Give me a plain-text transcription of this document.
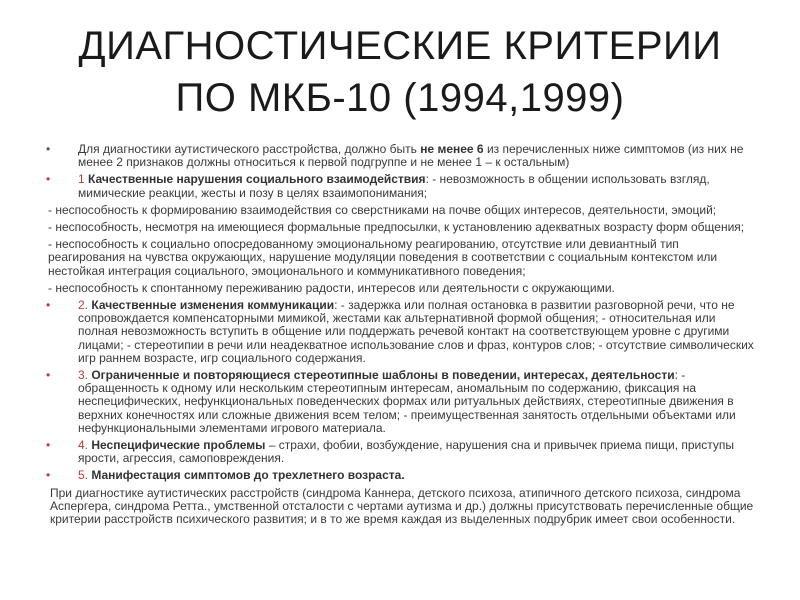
ДИАГНОСТИЧЕСКИЕ КРИТЕРИИ
ПО МКБ-10 (1994,1999)

• Для диагностики аутистического расстройства, должно быть не менее 6 из перечисленных ниже симптомов (из них не менее 2 признаков должны относиться к первой подгруппе и не менее 1 – к остальным)

• 1 Качественные нарушения социального взаимодействия: - невозможность в общении использовать взгляд, мимические реакции, жесты и позу в целях взаимопонимания;

- неспособность к формированию взаимодействия со сверстниками на почве общих интересов, деятельности, эмоций;

- неспособность, несмотря на имеющиеся формальные предпосылки, к установлению адекватных возрасту форм общения;

- неспособность к социально опосредованному эмоциональному реагированию, отсутствие или девиантный тип реагирования на чувства окружающих, нарушение модуляции поведения в соответствии с социальным контекстом или нестойкая интеграция социального, эмоционального и коммуникативного поведения;

- неспособность к спонтанному переживанию радости, интересов или деятельности с окружающими.

• 2. Качественные изменения коммуникации: - задержка или полная остановка в развитии разговорной речи, что не сопровождается компенсаторными мимикой, жестами как альтернативной формой общения; - относительная или полная невозможность вступить в общение или поддержать речевой контакт на соответствующем уровне с другими лицами; - стереотипии в речи или неадекватное использование слов и фраз, контуров слов; - отсутствие символических игр раннем возрасте, игр социального содержания.

• 3. Ограниченные и повторяющиеся стереотипные шаблоны в поведении, интересах, деятельности: - обращенность к одному или нескольким стереотипным интересам, аномальным по содержанию, фиксация на неспецифических, нефункциональных поведенческих формах или ритуальных действиях, стереотипные движения в верхних конечностях или сложные движения всем телом; - преимущественная занятость отдельными объектами или нефункциональными элементами игрового материала.

• 4. Неспецифические проблемы – страхи, фобии, возбуждение, нарушения сна и привычек приема пищи, приступы ярости, агрессия, самоповреждения.

• 5. Манифестация симптомов до трехлетнего возраста.

При диагностике аутистических расстройств (синдрома Каннера, детского психоза, атипичного детского психоза, синдрома Аспергера, синдрома Ретта., умственной отсталости с чертами аутизма и др.) должны присутствовать перечисленные общие критерии расстройств психического развития; и в то же время каждая из выделенных подрубрик имеет свои особенности.
